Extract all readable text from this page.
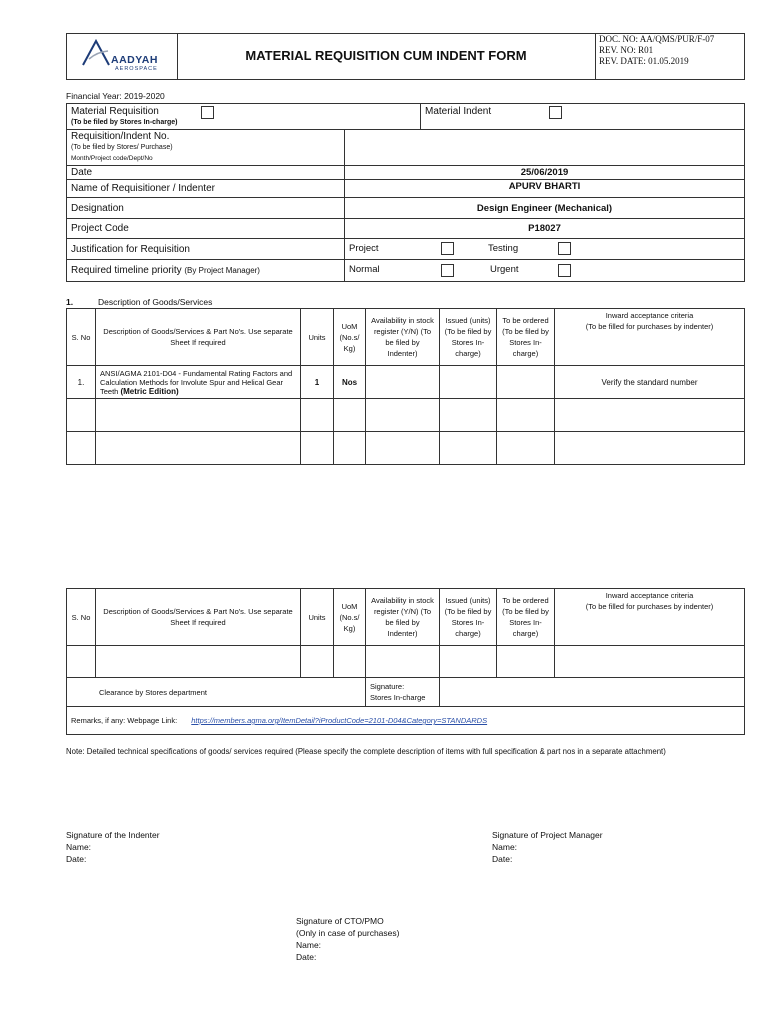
AADYAH
AEROSPACE
MATERIAL REQUISITION CUM INDENT FORM
DOC. NO: AA/QMS/PUR/F-07
REV. NO: R01
REV. DATE: 01.05.2019
Financial Year: 2019-2020
Material Requisition
(To be filed by Stores In-charge)
Material Indent	

Requisition/Indent No.
(To be filed by Stores/ Purchase)
Month/Project code/Dept/No	

Date	25/06/2019
Name of Requisitioner / Indenter	APURV BHARTI
Designation	Design Engineer (Mechanical)
Project Code	P18027
Justification for Requisition	Project Testing

Required timeline priority (By Project Manager)	Normal Urgent
1.	Description of Goods/Services
S. No	Description of Goods/Services & Part No's. Use separate Sheet If required	Units	UoM (No.s/ Kg)	Availability in stock register (Y/N) (To be filed by Indenter)	Issued (units) (To be filed by Stores In-charge)	To be ordered (To be filed by Stores In-charge)	Inward acceptance criteria
(To be filled for purchases by indenter)

1.	ANSI/AGMA 2101-D04 - Fundamental Rating Factors and Calculation Methods for Involute Spur and Helical Gear Teeth (Metric Edition)	1	Nos				Verify the standard number

S. No	Description of Goods/Services & Part No's. Use separate Sheet If required	Units	UoM (No.s/ Kg)	Availability in stock register (Y/N) (To be filed by Indenter)	Issued (units) (To be filed by Stores In-charge)	To be ordered (To be filed by Stores In-charge)	Inward acceptance criteria
(To be filled for purchases by indenter)

Clearance by Stores department				Signature:
Stores In-charge			

Remarks, if any: Webpage Link: https://members.agma.org/ItemDetail?iProductCode=2101-D04&Category=STANDARDS							
Note: Detailed technical specifications of goods/ services required (Please specify the complete description of items with full specification & part nos in a separate attachment)
Signature of the Indenter
Name:
Date:
Signature of Project Manager
Name:
Date:
Signature of CTO/PMO
(Only in case of purchases)
Name:
Date:
